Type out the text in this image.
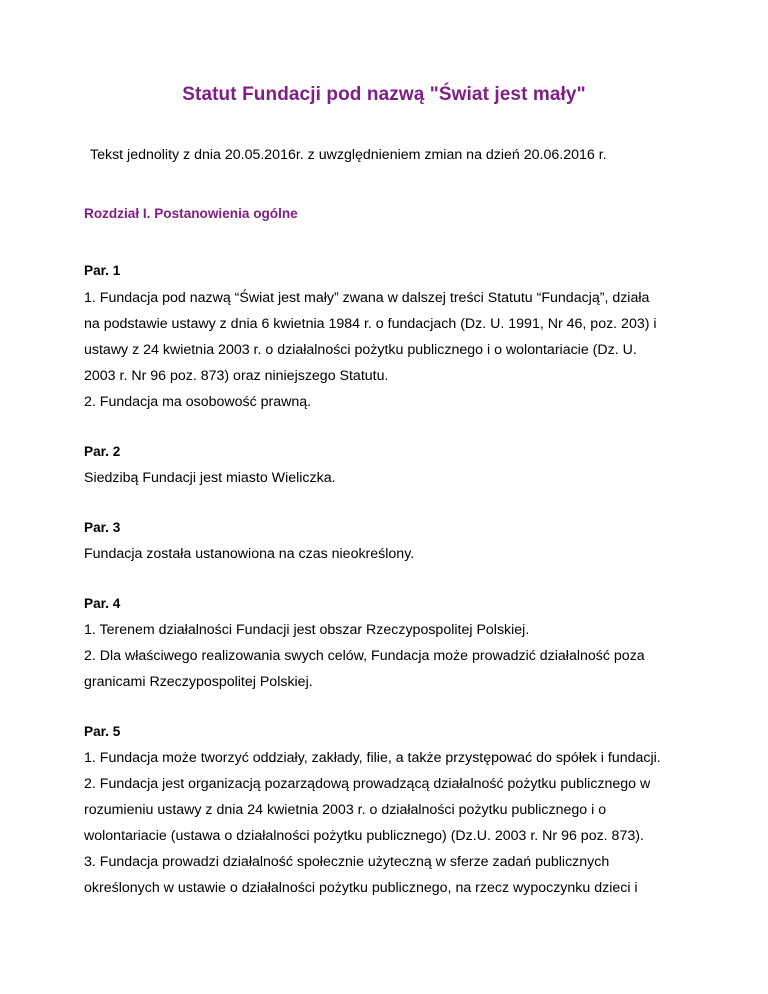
Statut Fundacji pod nazwą "Świat jest mały"
Tekst jednolity z dnia 20.05.2016r. z uwzględnieniem zmian na dzień 20.06.2016 r.
Rozdział I. Postanowienia ogólne
Par. 1
1. Fundacja pod nazwą “Świat jest mały” zwana w dalszej treści Statutu “Fundacją”, działa
na podstawie ustawy z dnia 6 kwietnia 1984 r. o fundacjach (Dz. U. 1991, Nr 46, poz. 203) i
ustawy z 24 kwietnia 2003 r. o działalności pożytku publicznego i o wolontariacie (Dz. U.
2003 r. Nr 96 poz. 873) oraz niniejszego Statutu.
2. Fundacja ma osobowość prawną.
Par. 2
Siedzibą Fundacji jest miasto Wieliczka.
Par. 3
Fundacja została ustanowiona na czas nieokreślony.
Par. 4
1. Terenem działalności Fundacji jest obszar Rzeczypospolitej Polskiej.
2. Dla właściwego realizowania swych celów, Fundacja może prowadzić działalność poza
granicami Rzeczypospolitej Polskiej.
Par. 5
1. Fundacja może tworzyć oddziały, zakłady, filie, a także przystępować do spółek i fundacji.
2. Fundacja jest organizacją pozarządową prowadzącą działalność pożytku publicznego w
rozumieniu ustawy z dnia 24 kwietnia 2003 r. o działalności pożytku publicznego i o
wolontariacie (ustawa o działalności pożytku publicznego) (Dz.U. 2003 r. Nr 96 poz. 873).
3. Fundacja prowadzi działalność społecznie użyteczną w sferze zadań publicznych
określonych w ustawie o działalności pożytku publicznego, na rzecz wypoczynku dzieci i
